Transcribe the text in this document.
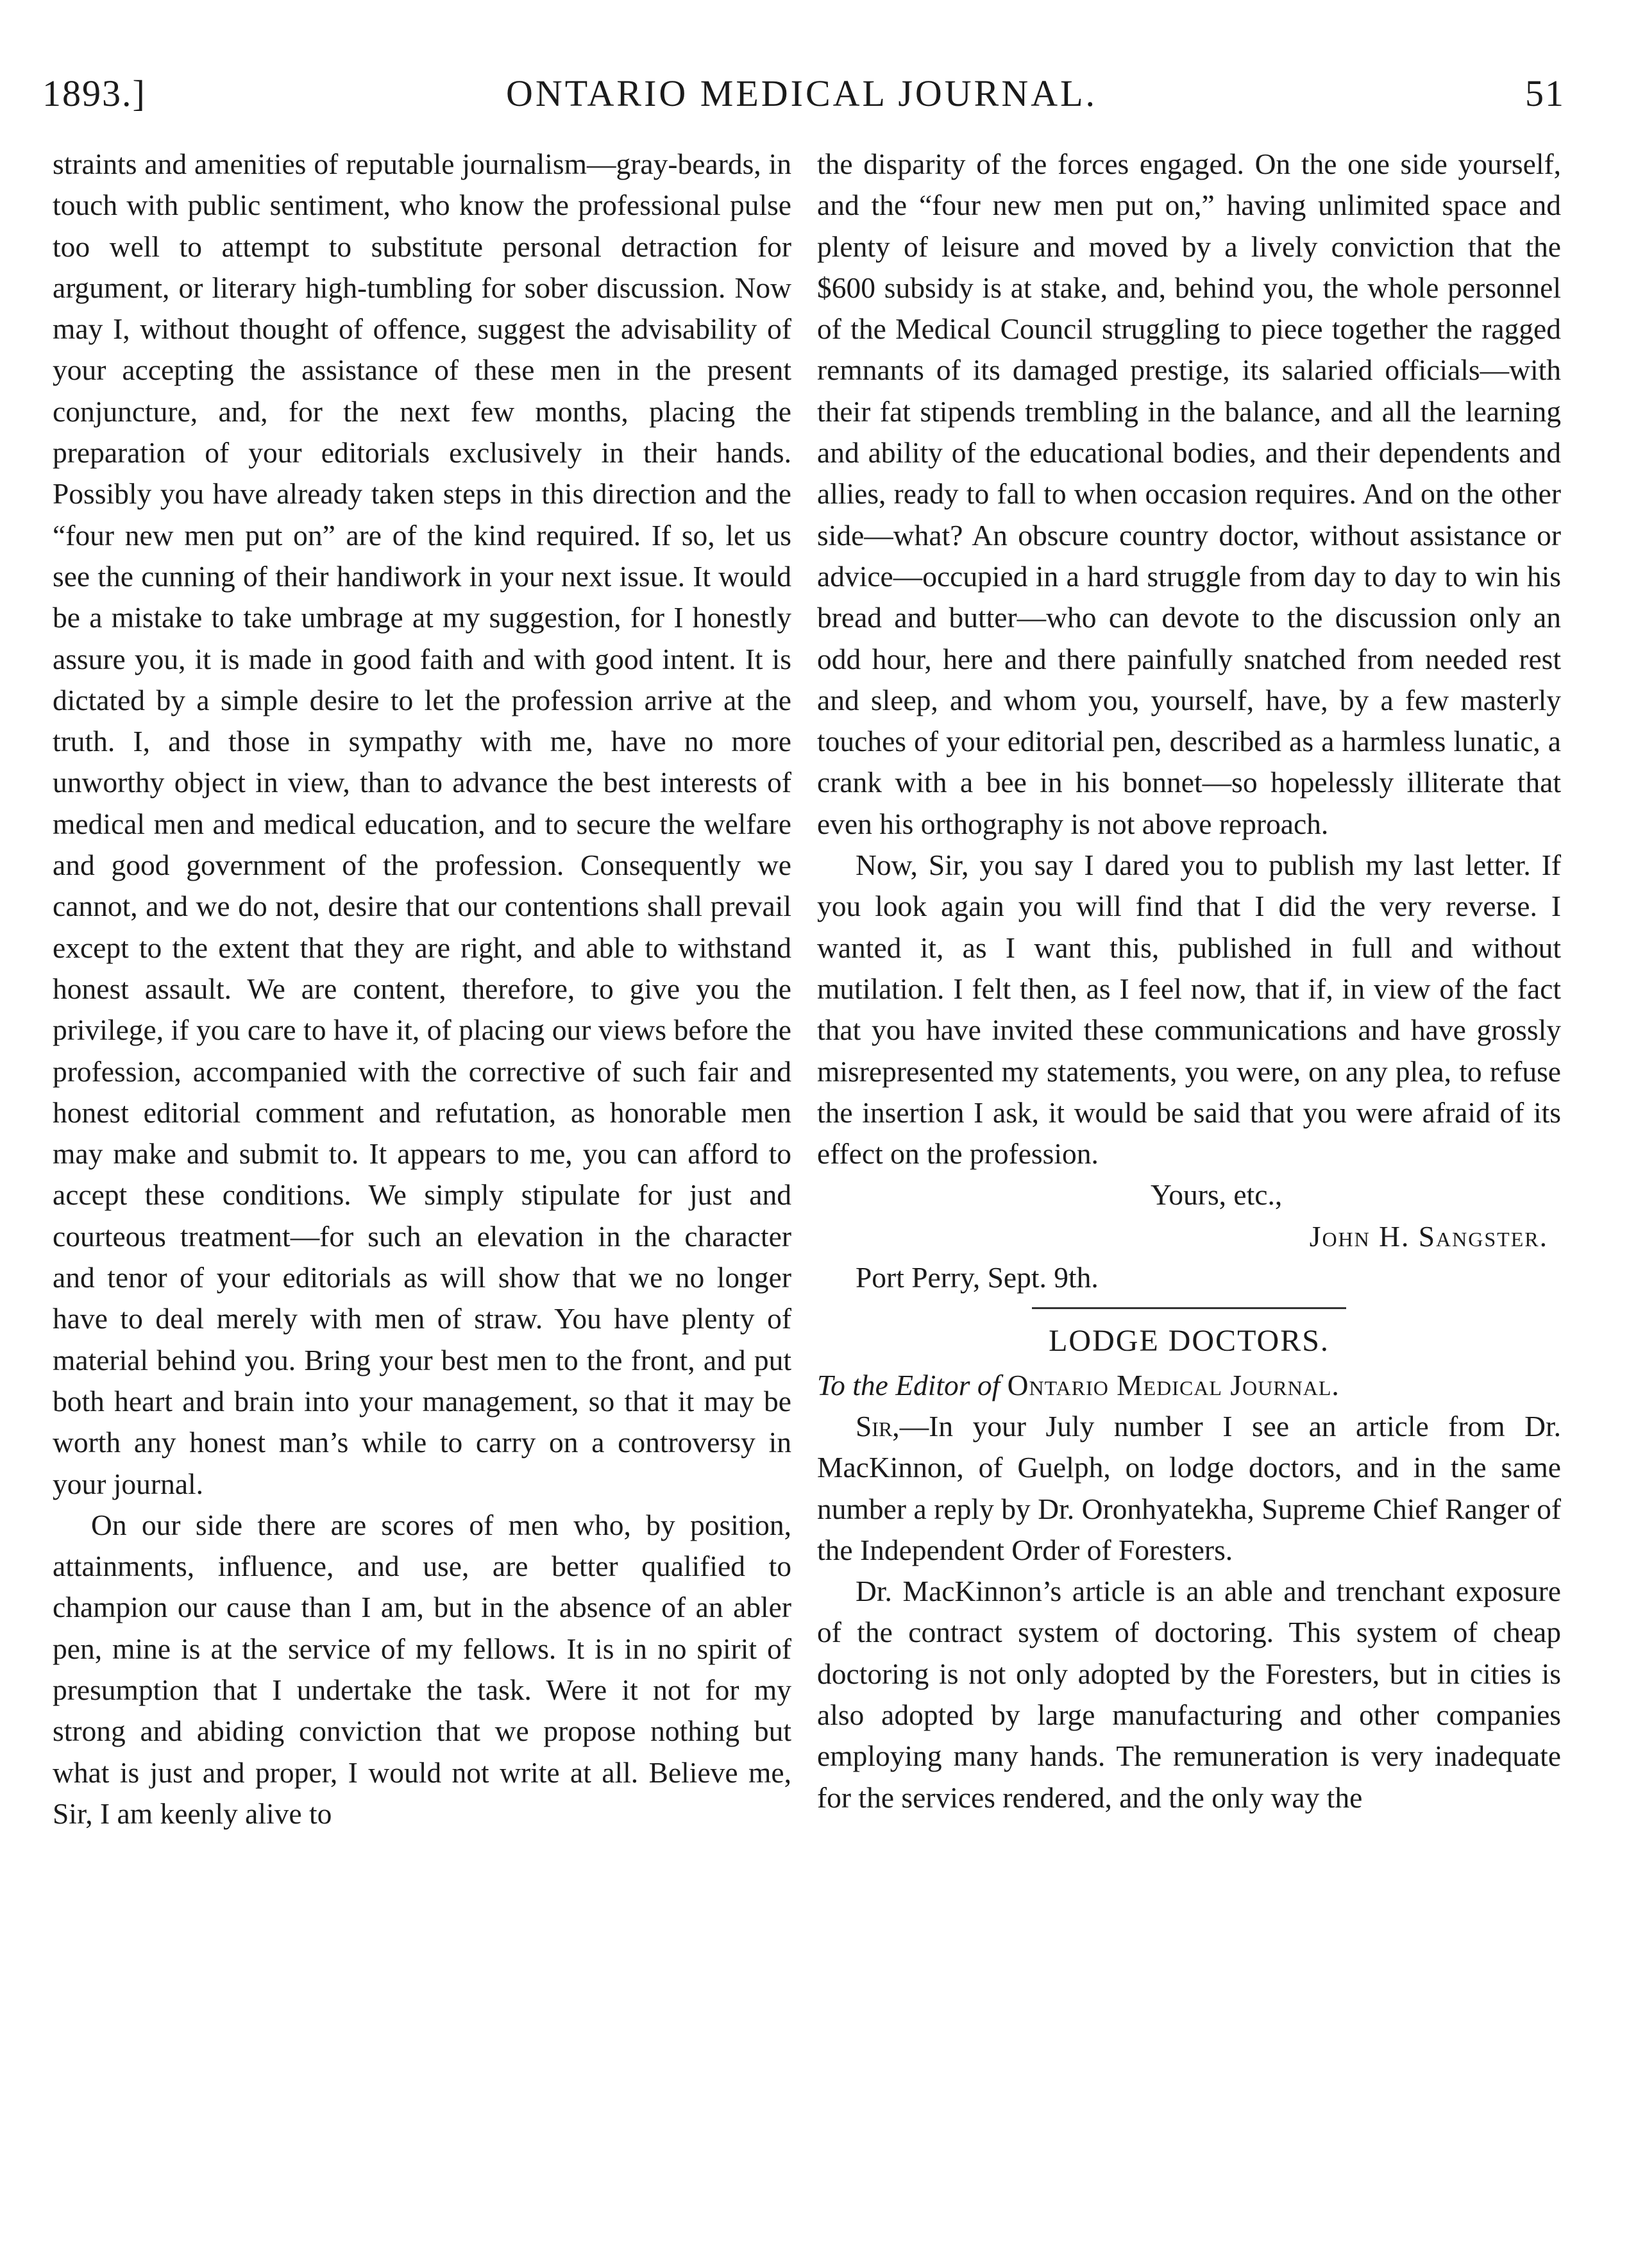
1893.]	ONTARIO MEDICAL JOURNAL.	51

straints and amenities of reputable journalism—gray-beards, in touch with public sentiment, who know the professional pulse too well to attempt to substitute personal detraction for argument, or literary high-tumbling for sober discussion. Now may I, without thought of offence, suggest the advisability of your accepting the assistance of these men in the present conjuncture, and, for the next few months, placing the preparation of your editorials exclusively in their hands. Possibly you have already taken steps in this direction and the “four new men put on” are of the kind required. If so, let us see the cunning of their handiwork in your next issue. It would be a mistake to take umbrage at my suggestion, for I honestly assure you, it is made in good faith and with good intent. It is dictated by a simple desire to let the profession arrive at the truth. I, and those in sympathy with me, have no more unworthy object in view, than to advance the best interests of medical men and medical education, and to secure the welfare and good government of the profession. Consequently we cannot, and we do not, desire that our contentions shall prevail except to the extent that they are right, and able to withstand honest assault. We are content, therefore, to give you the privilege, if you care to have it, of placing our views before the profession, accompanied with the corrective of such fair and honest editorial comment and refutation, as honorable men may make and submit to. It appears to me, you can afford to accept these conditions. We simply stipulate for just and courteous treatment—for such an elevation in the character and tenor of your editorials as will show that we no longer have to deal merely with men of straw. You have plenty of material behind you. Bring your best men to the front, and put both heart and brain into your management, so that it may be worth any honest man’s while to carry on a controversy in your journal.

On our side there are scores of men who, by position, attainments, influence, and use, are better qualified to champion our cause than I am, but in the absence of an abler pen, mine is at the service of my fellows. It is in no spirit of presumption that I undertake the task. Were it not for my strong and abiding conviction that we propose nothing but what is just and proper, I would not write at all. Believe me, Sir, I am keenly alive to

the disparity of the forces engaged. On the one side yourself, and the “four new men put on,” having unlimited space and plenty of leisure and moved by a lively conviction that the $600 subsidy is at stake, and, behind you, the whole personnel of the Medical Council struggling to piece together the ragged remnants of its damaged prestige, its salaried officials—with their fat stipends trembling in the balance, and all the learning and ability of the educational bodies, and their dependents and allies, ready to fall to when occasion requires. And on the other side—what? An obscure country doctor, without assistance or advice—occupied in a hard struggle from day to day to win his bread and butter—who can devote to the discussion only an odd hour, here and there painfully snatched from needed rest and sleep, and whom you, yourself, have, by a few masterly touches of your editorial pen, described as a harmless lunatic, a crank with a bee in his bonnet—so hopelessly illiterate that even his orthography is not above reproach.

Now, Sir, you say I dared you to publish my last letter. If you look again you will find that I did the very reverse. I wanted it, as I want this, published in full and without mutilation. I felt then, as I feel now, that if, in view of the fact that you have invited these communications and have grossly misrepresented my statements, you were, on any plea, to refuse the insertion I ask, it would be said that you were afraid of its effect on the profession.

Yours, etc.,
John H. Sangster.
Port Perry, Sept. 9th.
LODGE DOCTORS.

To the Editor of Ontario Medical Journal.

Sir,—In your July number I see an article from Dr. MacKinnon, of Guelph, on lodge doctors, and in the same number a reply by Dr. Oronhyatekha, Supreme Chief Ranger of the Independent Order of Foresters.

Dr. MacKinnon’s article is an able and trenchant exposure of the contract system of doctoring. This system of cheap doctoring is not only adopted by the Foresters, but in cities is also adopted by large manufacturing and other companies employing many hands. The remuneration is very inadequate for the services rendered, and the only way the
